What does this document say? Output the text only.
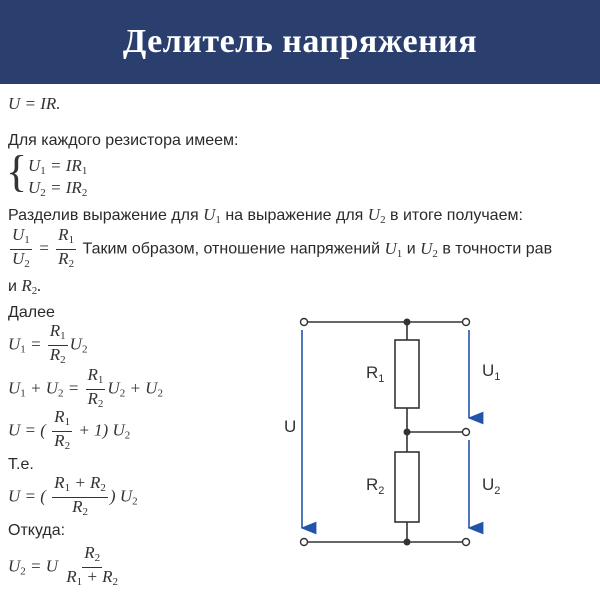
Делитель напряжения
U = IR.
Для каждого резистора имеем:
{ $U_1 = IR_1$
$U_2 = IR_2$
Разделив выражение для $U_1$ на выражение для $U_2$ в итоге получаем:
$\frac{U_1}{U_2} = \frac{R_1}{R_2}$ Таким образом, отношение напряжений $U_1$ и $U_2$ в точности рав
и $R_2$.
Далее
$U_1 = \frac{R_1}{R_2} U_2$
$U_1 + U_2 = \frac{R_1}{R_2} U_2 + U_2$
U = ( $\frac{R_1}{R_2} + 1$) $U_2$
Т.е.
U = ( $\frac{R_1 + R_2}{R_2}$ ) $U_2$
Откуда:
$U_2 = U \frac{R_2}{R_1 + R_2}$
$R_1$
$R_2$
U
$U_1$
$U_2$
